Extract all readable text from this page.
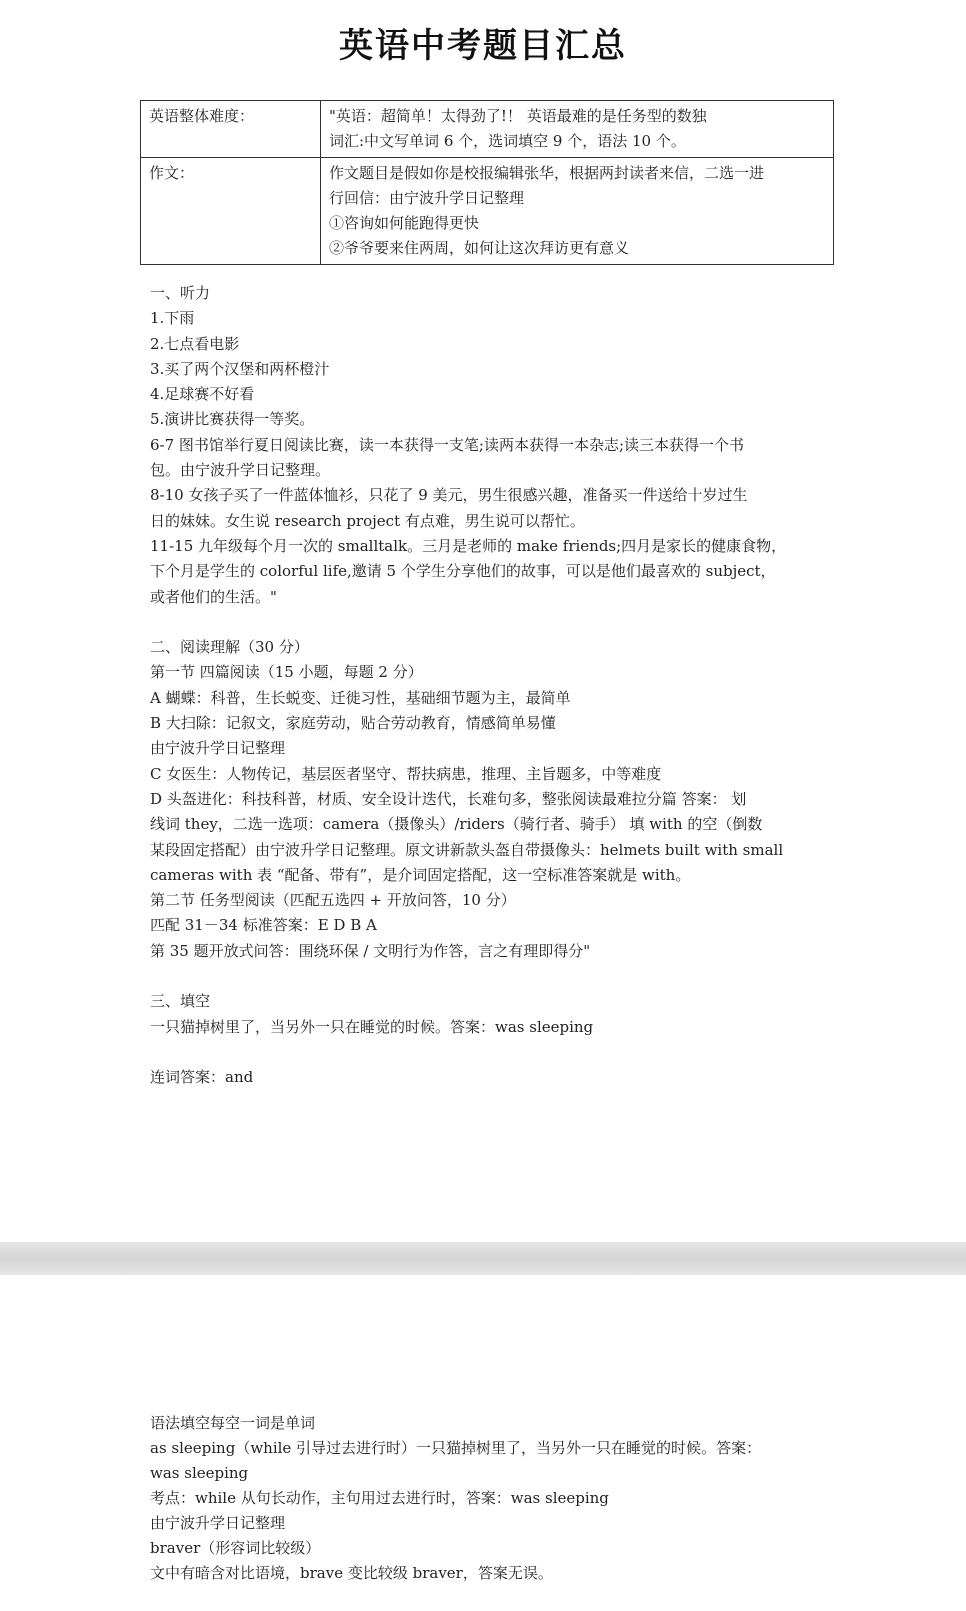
英语中考题目汇总
英语整体难度：	"英语：超简单！太得劲了!！ 英语最难的是任务型的数独
词汇:中文写单词 6 个，选词填空 9 个，语法 10 个。

作文：	作文题目是假如你是校报编辑张华，根据两封读者来信，二选一进
行回信：由宁波升学日记整理
①咨询如何能跑得更快
②爷爷要来住两周，如何让这次拜访更有意义

一、听力

1.下雨

2.七点看电影

3.买了两个汉堡和两杯橙汁

4.足球赛不好看

5.演讲比赛获得一等奖。

6-7 图书馆举行夏日阅读比赛，读一本获得一支笔;读两本获得一本杂志;读三本获得一个书

包。由宁波升学日记整理。

8-10 女孩子买了一件蓝体恤衫，只花了 9 美元，男生很感兴趣，准备买一件送给十岁过生

日的妹妹。女生说 research project 有点难，男生说可以帮忙。

11-15 九年级每个月一次的 smalltalk。三月是老师的 make friends;四月是家长的健康食物，

下个月是学生的 colorful life,邀请 5 个学生分享他们的故事，可以是他们最喜欢的 subject，

或者他们的生活。"

二、阅读理解（30 分）

第一节 四篇阅读（15 小题，每题 2 分）

A 蝴蝶：科普，生长蜕变、迁徙习性，基础细节题为主，最简单

B 大扫除：记叙文，家庭劳动，贴合劳动教育，情感简单易懂

由宁波升学日记整理

C 女医生：人物传记，基层医者坚守、帮扶病患，推理、主旨题多，中等难度

D 头盔进化：科技科普，材质、安全设计迭代，长难句多，整张阅读最难拉分篇 答案： 划

线词 they，二选一选项：camera（摄像头）/riders（骑行者、骑手） 填 with 的空（倒数

某段固定搭配）由宁波升学日记整理。原文讲新款头盔自带摄像头：helmets built with small

cameras with 表 “配备、带有”，是介词固定搭配，这一空标准答案就是 with。

第二节 任务型阅读（匹配五选四 + 开放问答，10 分）

匹配 31－34 标准答案：E D B A

第 35 题开放式问答：围绕环保 / 文明行为作答，言之有理即得分"

三、填空

一只猫掉树里了，当另外一只在睡觉的时候。答案：was sleeping

连词答案：and

语法填空每空一词是单词

as sleeping（while 引导过去进行时）一只猫掉树里了，当另外一只在睡觉的时候。答案：

was sleeping

考点：while 从句长动作，主句用过去进行时，答案：was sleeping

由宁波升学日记整理

braver（形容词比较级）

文中有暗含对比语境，brave 变比较级 braver，答案无误。
